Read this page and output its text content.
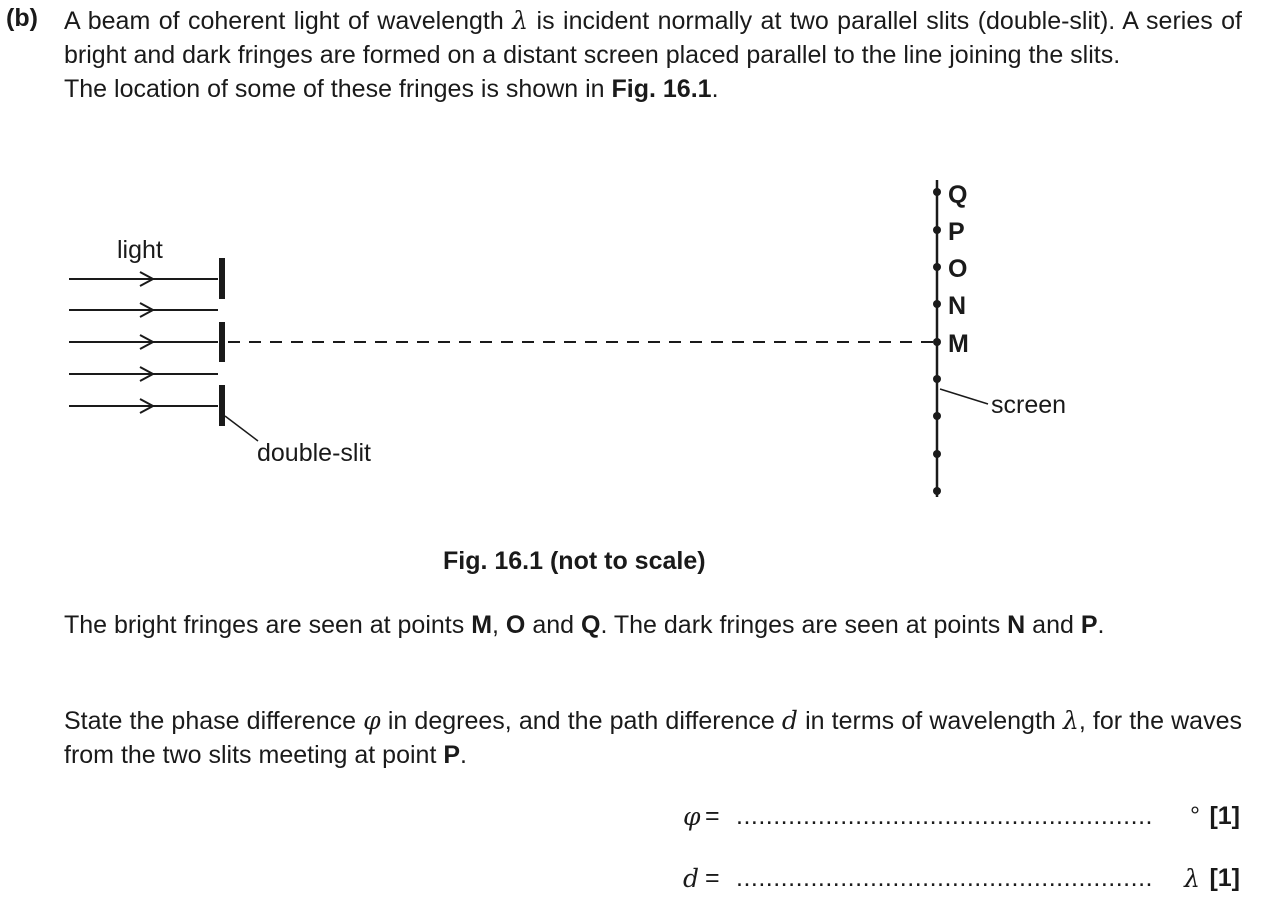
(b) A beam of coherent light of wavelength λ is incident normally at two parallel slits (double-slit). A series of bright and dark fringes are formed on a distant screen placed parallel to the line joining the slits.
The location of some of these fringes is shown in Fig. 16.1.
light
double-slit
screen
Q
P
O
N
M
Fig. 16.1 (not to scale)
The bright fringes are seen at points M, O and Q. The dark fringes are seen at points N and P.
State the phase difference φ in degrees, and the path difference d in terms of wavelength λ, for the waves from the two slits meeting at point P.
φ = ........................................................ ° [1]
d = ........................................................ λ [1]
